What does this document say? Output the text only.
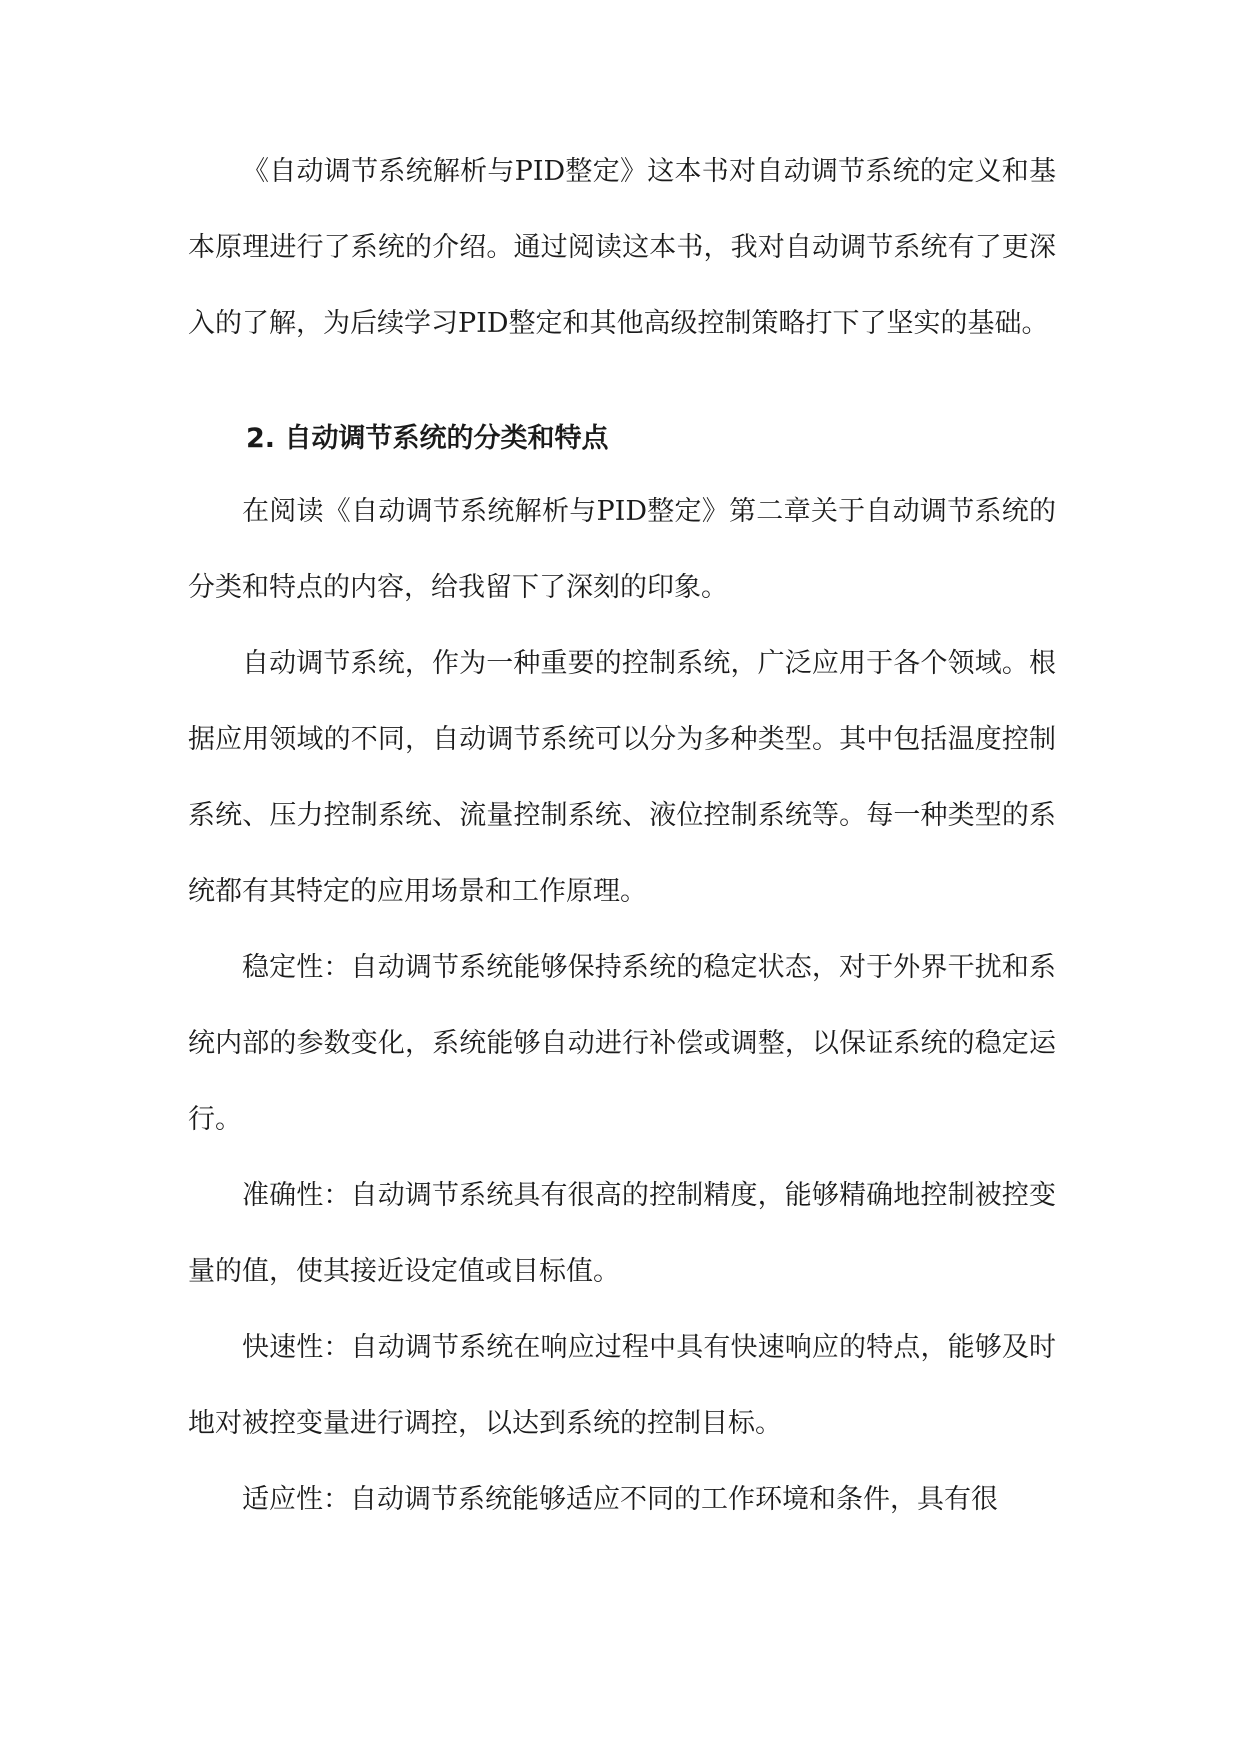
《自动调节系统解析与PID整定》这本书对自动调节系统的定义和基本原理进行了系统的介绍。通过阅读这本书，我对自动调节系统有了更深入的了解，为后续学习PID整定和其他高级控制策略打下了坚实的基础。

2. 自动调节系统的分类和特点

在阅读《自动调节系统解析与PID整定》第二章关于自动调节系统的分类和特点的内容，给我留下了深刻的印象。

自动调节系统，作为一种重要的控制系统，广泛应用于各个领域。根据应用领域的不同，自动调节系统可以分为多种类型。其中包括温度控制系统、压力控制系统、流量控制系统、液位控制系统等。每一种类型的系统都有其特定的应用场景和工作原理。

稳定性：自动调节系统能够保持系统的稳定状态，对于外界干扰和系统内部的参数变化，系统能够自动进行补偿或调整，以保证系统的稳定运行。

准确性：自动调节系统具有很高的控制精度，能够精确地控制被控变量的值，使其接近设定值或目标值。

快速性：自动调节系统在响应过程中具有快速响应的特点，能够及时地对被控变量进行调控，以达到系统的控制目标。

适应性：自动调节系统能够适应不同的工作环境和条件，具有很
